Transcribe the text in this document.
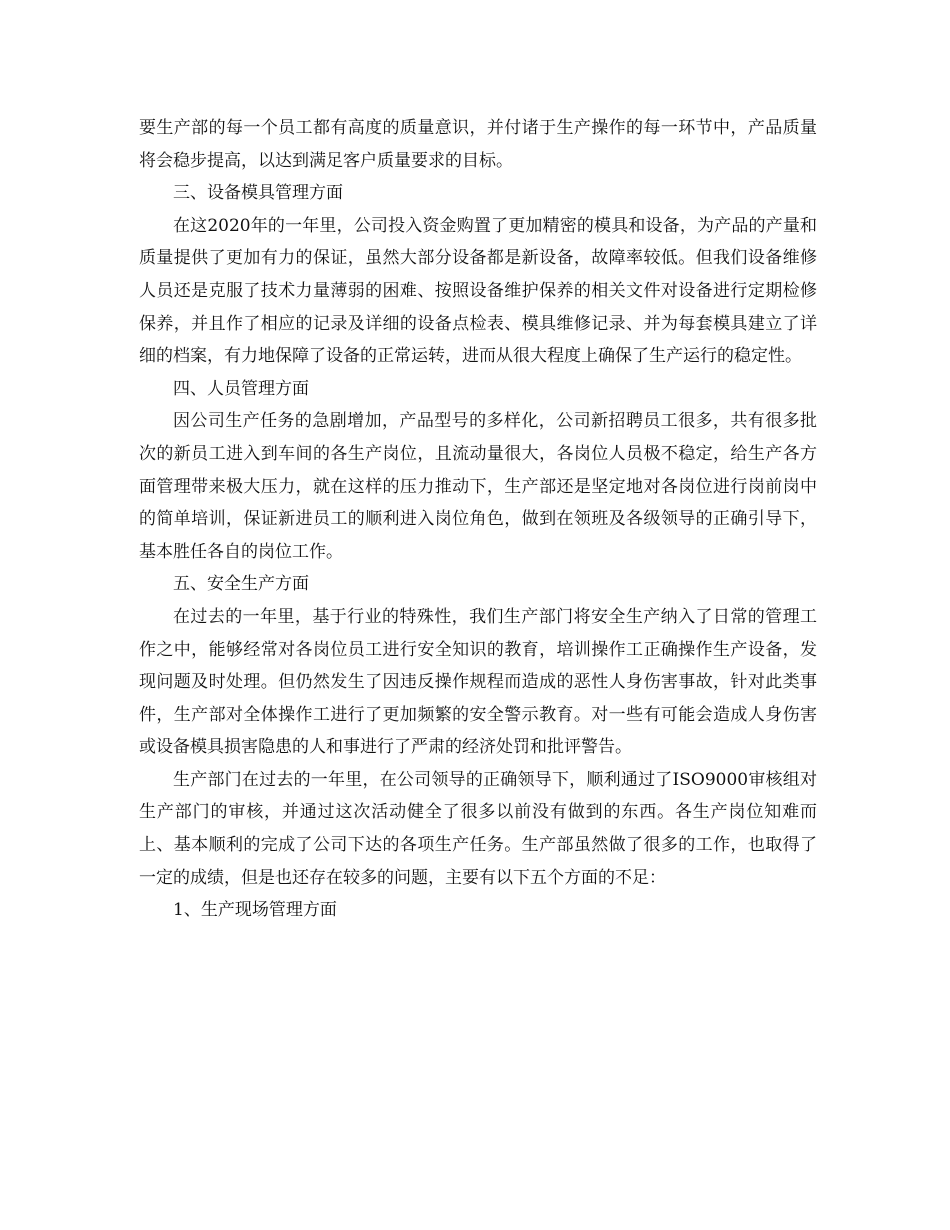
要生产部的每一个员工都有高度的质量意识，并付诸于生产操作的每一环节中，产品质量将会稳步提高，以达到满足客户质量要求的目标。

三、设备模具管理方面

在这2020年的一年里，公司投入资金购置了更加精密的模具和设备，为产品的产量和质量提供了更加有力的保证，虽然大部分设备都是新设备，故障率较低。但我们设备维修人员还是克服了技术力量薄弱的困难、按照设备维护保养的相关文件对设备进行定期检修保养，并且作了相应的记录及详细的设备点检表、模具维修记录、并为每套模具建立了详细的档案，有力地保障了设备的正常运转，进而从很大程度上确保了生产运行的稳定性。

四、人员管理方面

因公司生产任务的急剧增加，产品型号的多样化，公司新招聘员工很多，共有很多批次的新员工进入到车间的各生产岗位，且流动量很大，各岗位人员极不稳定，给生产各方面管理带来极大压力，就在这样的压力推动下，生产部还是坚定地对各岗位进行岗前岗中的简单培训，保证新进员工的顺利进入岗位角色，做到在领班及各级领导的正确引导下，基本胜任各自的岗位工作。

五、安全生产方面

在过去的一年里，基于行业的特殊性，我们生产部门将安全生产纳入了日常的管理工作之中，能够经常对各岗位员工进行安全知识的教育，培训操作工正确操作生产设备，发现问题及时处理。但仍然发生了因违反操作规程而造成的恶性人身伤害事故，针对此类事件，生产部对全体操作工进行了更加频繁的安全警示教育。对一些有可能会造成人身伤害或设备模具损害隐患的人和事进行了严肃的经济处罚和批评警告。

生产部门在过去的一年里，在公司领导的正确领导下，顺利通过了ISO9000审核组对生产部门的审核，并通过这次活动健全了很多以前没有做到的东西。各生产岗位知难而上、基本顺利的完成了公司下达的各项生产任务。生产部虽然做了很多的工作，也取得了一定的成绩，但是也还存在较多的问题，主要有以下五个方面的不足：

1、生产现场管理方面
